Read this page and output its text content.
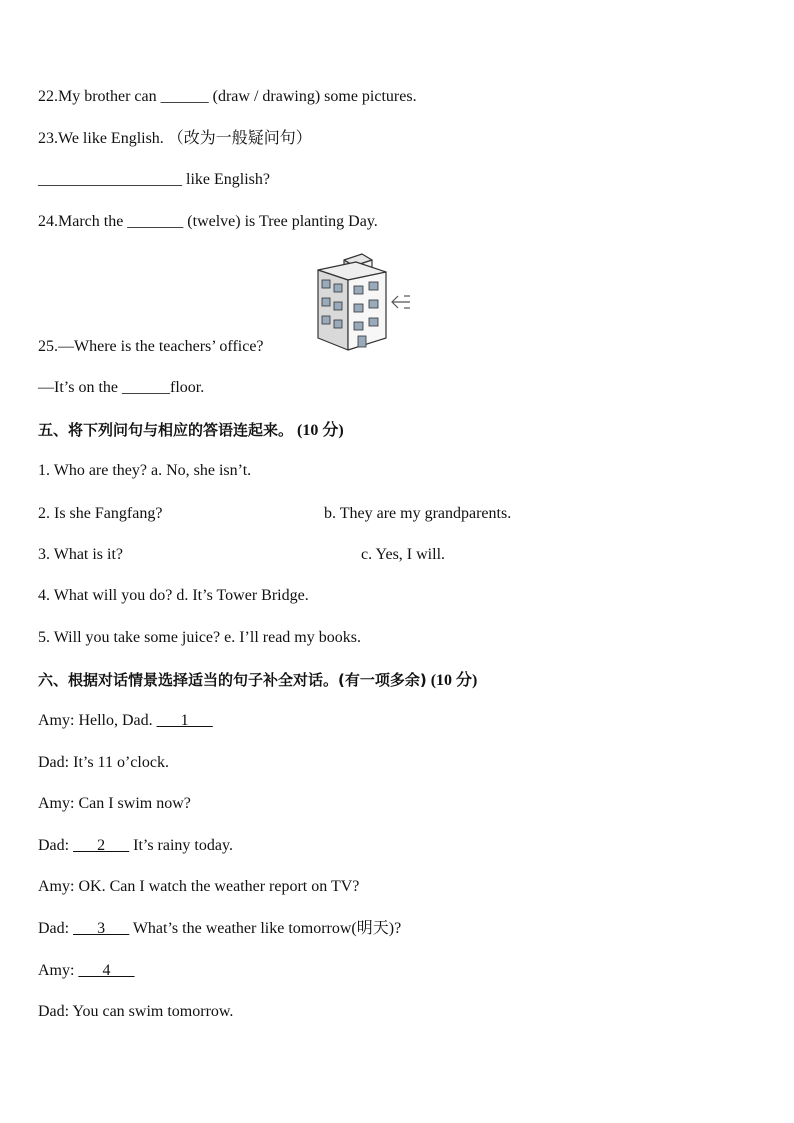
22.My brother can ______ (draw / drawing) some pictures.
23.We like English. （改为一般疑问句）
__________________ like English?
24.March the _______ (twelve) is Tree planting Day.
25.—Where is the teachers’ office?
—It’s on the ______floor.
五、将下列问句与相应的答语连起来。 (10 分)
1. Who are they? a. No, she isn’t.
2. Is she Fangfang?	b. They are my grandparents.
3. What is it?	c. Yes, I will.
4. What will you do? d. It’s Tower Bridge.
5. Will you take some juice? e. I’ll read my books.
六、根据对话情景选择适当的句子补全对话。(有一项多余) (10 分)
Amy: Hello, Dad. ___1___
Dad: It’s 11 o’clock.
Amy: Can I swim now?
Dad: ___2___ It’s rainy today.
Amy: OK. Can I watch the weather report on TV?
Dad: ___3___ What’s the weather like tomorrow(明天)?
Amy: ___4___
Dad: You can swim tomorrow.
